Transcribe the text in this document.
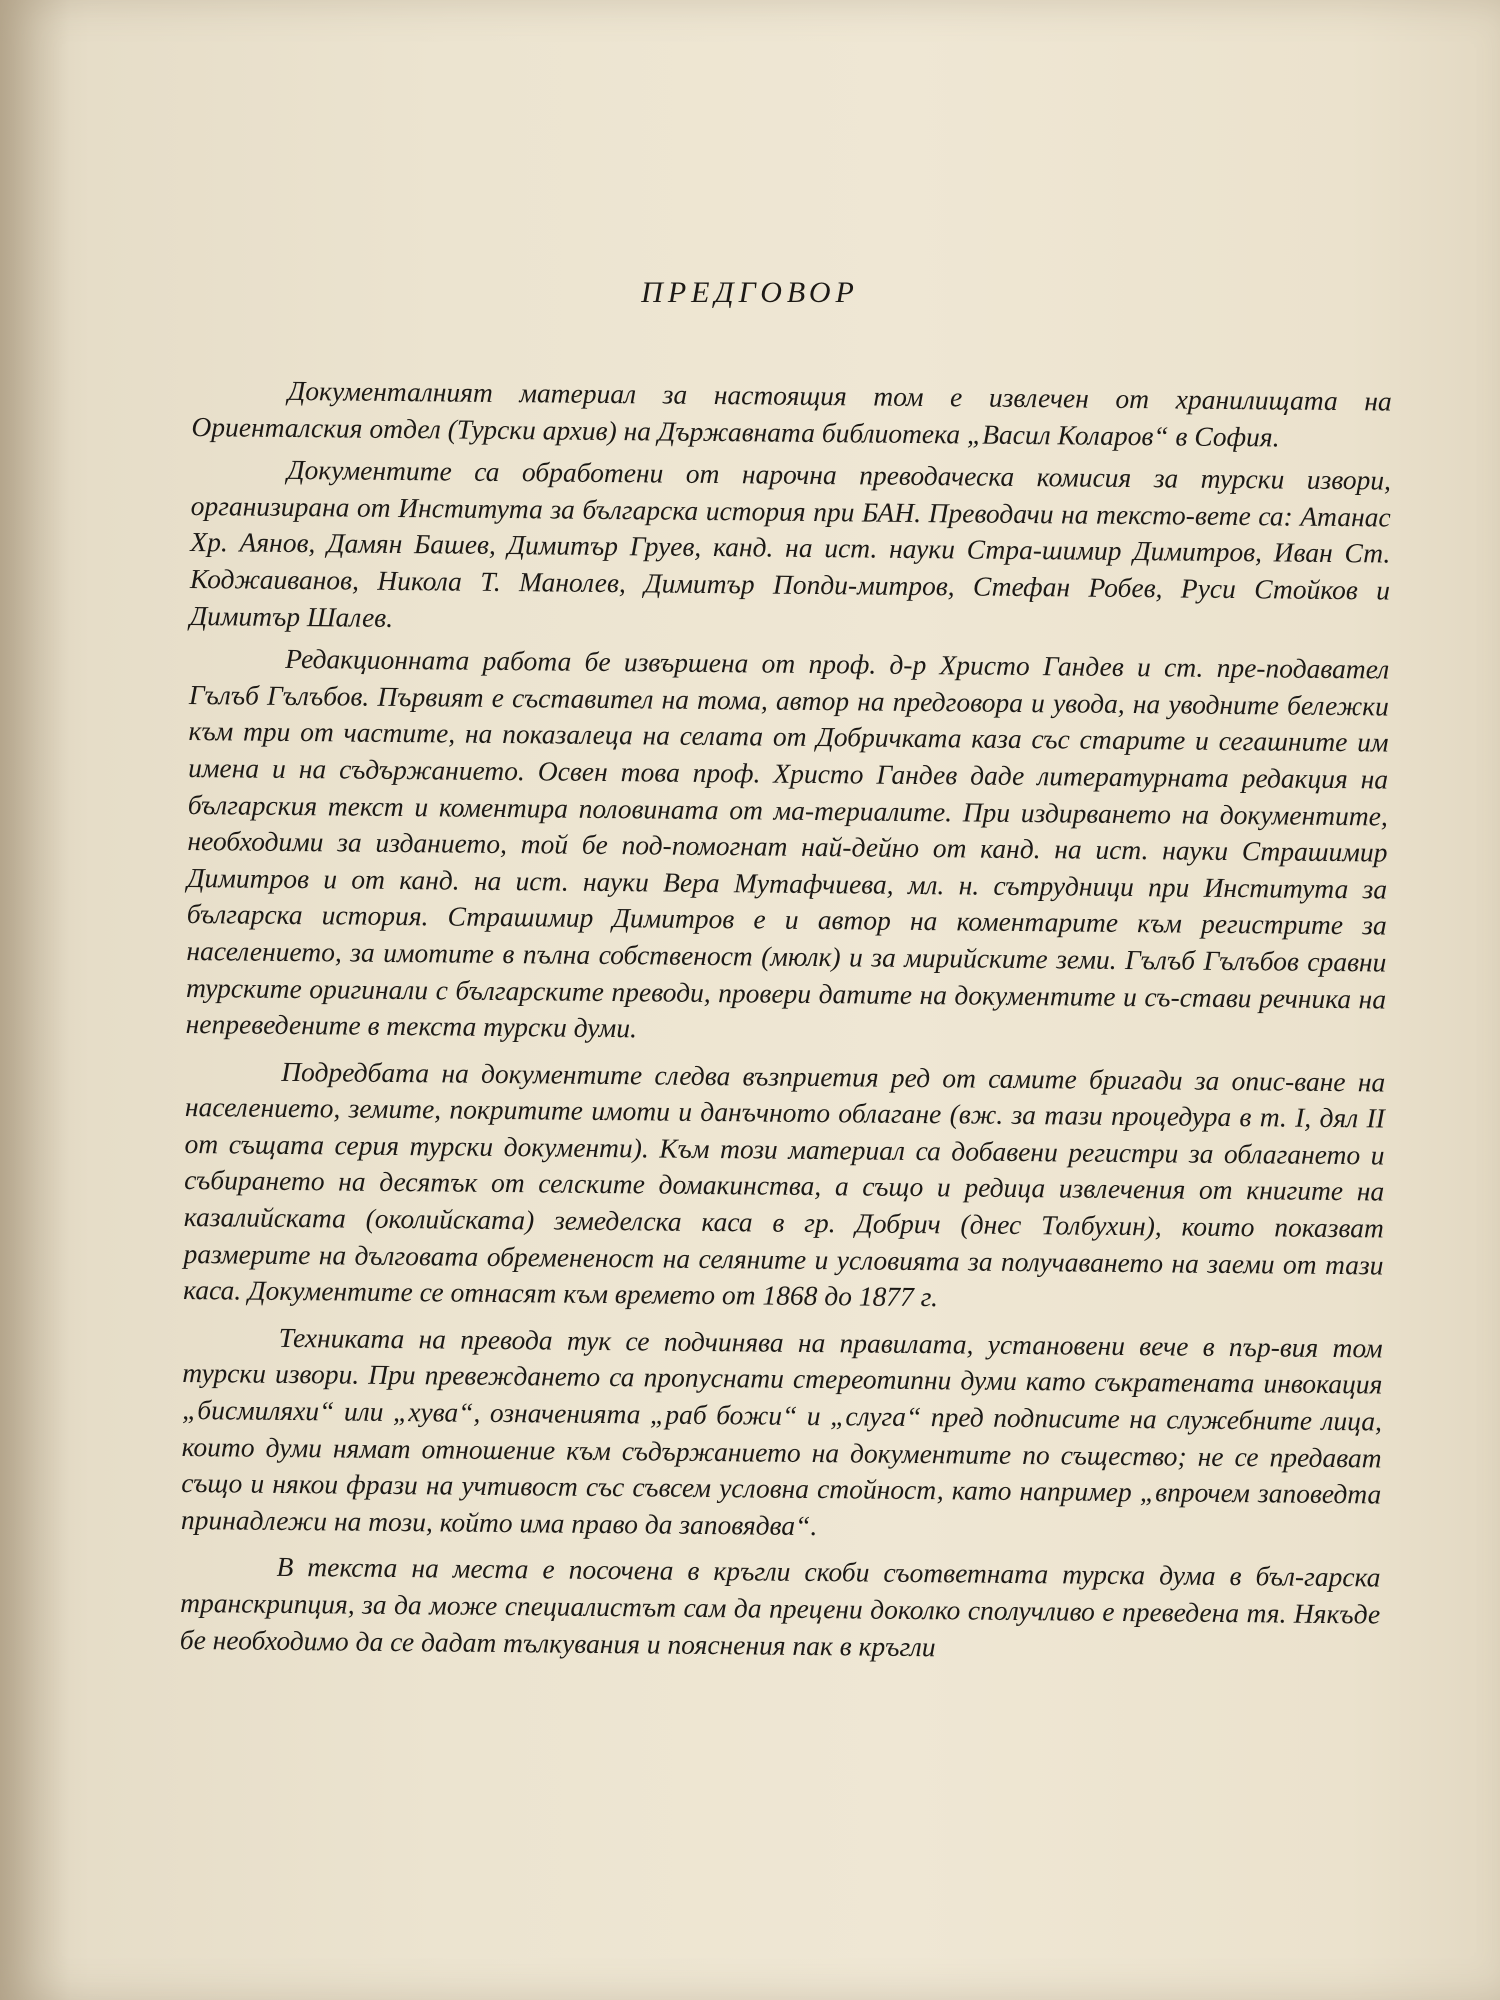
ПРЕДГОВОР

Документалният материал за настоящия том е извлечен от хранилищата на Ориенталския отдел (Турски архив) на Държавната библиотека „Васил Коларов“ в София.

Документите са обработени от нарочна преводаческа комисия за турски извори, организирана от Института за българска история при БАН. Преводачи на тексто-вете са: Атанас Хр. Аянов, Дамян Башев, Димитър Груев, канд. на ист. науки Стра-шимир Димитров, Иван Ст. Коджаиванов, Никола Т. Манолев, Димитър Попди-митров, Стефан Робев, Руси Стойков и Димитър Шалев.

Редакционната работа бе извършена от проф. д-р Христо Гандев и ст. пре-подавател Гълъб Гълъбов. Първият е съставител на тома, автор на предговора и увода, на уводните бележки към три от частите, на показалеца на селата от Добричката каза със старите и сегашните им имена и на съдържанието. Освен това проф. Христо Гандев даде литературната редакция на българския текст и коментира половината от ма-териалите. При издирването на документите, необходими за изданието, той бе под-помогнат най-дейно от канд. на ист. науки Страшимир Димитров и от канд. на ист. науки Вера Мутафчиева, мл. н. сътрудници при Института за българска история. Страшимир Димитров е и автор на коментарите към регистрите за населението, за имотите в пълна собственост (мюлк) и за мирийските земи. Гълъб Гълъбов сравни турските оригинали с българските преводи, провери датите на документите и съ-стави речника на непреведените в текста турски думи.

Подредбата на документите следва възприетия ред от самите бригади за опис-ване на населението, земите, покритите имоти и данъчното облагане (вж. за тази процедура в т. I, дял II от същата серия турски документи). Към този материал са добавени регистри за облагането и събирането на десятък от селските домакинства, а също и редица извлечения от книгите на казалийската (околийската) земеделска каса в гр. Добрич (днес Толбухин), които показват размерите на дълговата обремененост на селяните и условията за получаването на заеми от тази каса. Документите се отнасят към времето от 1868 до 1877 г.

Техниката на превода тук се подчинява на правилата, установени вече в пър-вия том турски извори. При превеждането са пропуснати стереотипни думи като съкратената инвокация „бисмиляхи“ или „хува“, означенията „раб божи“ и „слуга“ пред подписите на служебните лица, които думи нямат отношение към съдържанието на документите по същество; не се предават също и някои фрази на учтивост със съвсем условна стойност, като например „впрочем заповедта принадлежи на този, който има право да заповядва“.

В текста на места е посочена в кръгли скоби съответната турска дума в бъл-гарска транскрипция, за да може специалистът сам да прецени доколко сполучливо е преведена тя. Някъде бе необходимо да се дадат тълкувания и пояснения пак в кръгли
